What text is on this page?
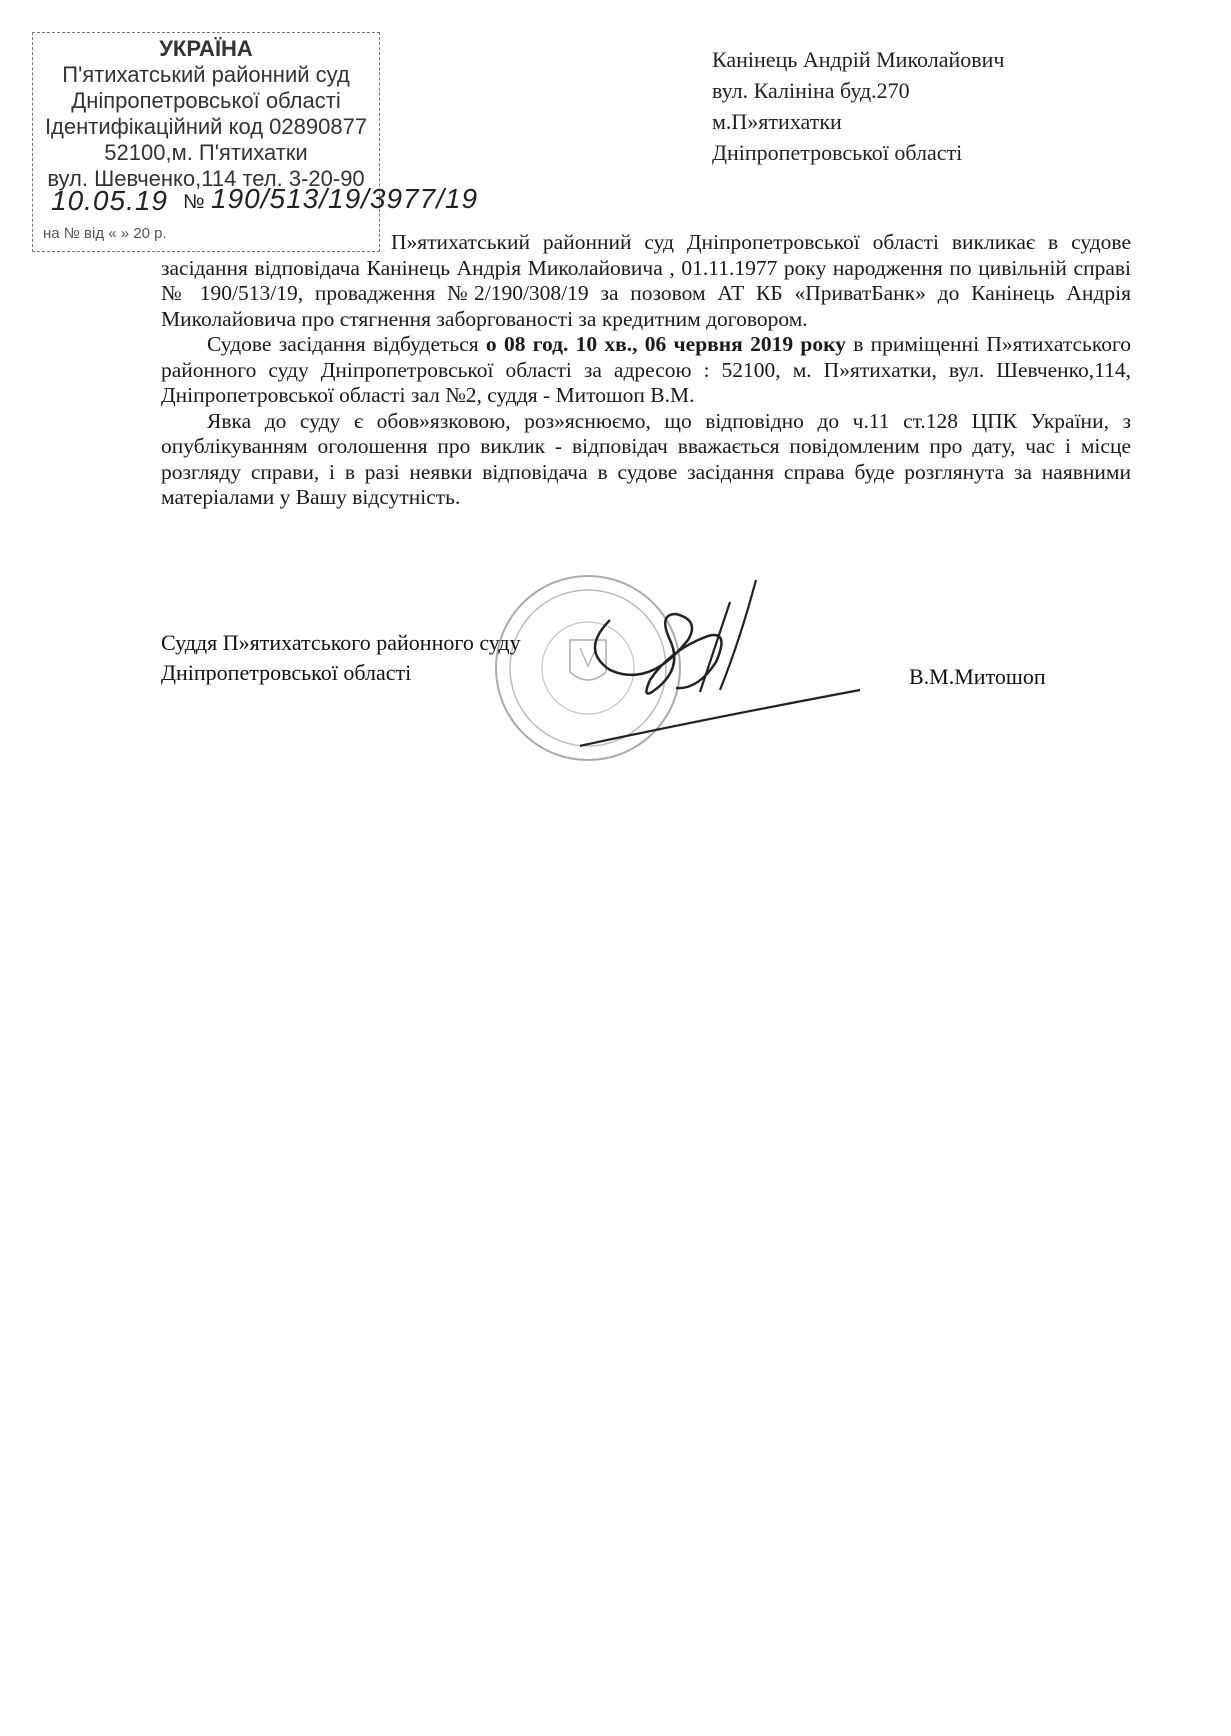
УКРАЇНА
П'ятихатський районний суд
Дніпропетровської області
Ідентифікаційний код 02890877
52100,м. П'ятихатки
вул. Шевченко,114 тел. 3-20-90
10.05.19 № 190/513/19/3977/19
на № від « » 20 р.
Канінець Андрій Миколайович
вул. Калініна буд.270
м.П»ятихатки
Дніпропетровської області

П»ятихатський районний суд Дніпропетровської області викликає в судове засідання відповідача Канінець Андрія Миколайовича , 01.11.1977 року народження по цивільній справі № 190/513/19, провадження №2/190/308/19 за позовом АТ КБ «ПриватБанк» до Канінець Андрія Миколайовича про стягнення заборгованості за кредитним договором.

Судове засідання відбудеться о 08 год. 10 хв., 06 червня 2019 року в приміщенні П»ятихатського районного суду Дніпропетровської області за адресою : 52100, м. П»ятихатки, вул. Шевченко,114, Дніпропетровської області зал №2, суддя - Митошоп В.М.

Явка до суду є обов»язковою, роз»яснюємо, що відповідно до ч.11 ст.128 ЦПК України, з опублікуванням оголошення про виклик - відповідач вважається повідомленим про дату, час і місце розгляду справи, і в разі неявки відповідача в судове засідання справа буде розглянута за наявними матеріалами у Вашу відсутність.

Суддя П»ятихатського районного суду
Дніпропетровської області	В.М.Митошоп
